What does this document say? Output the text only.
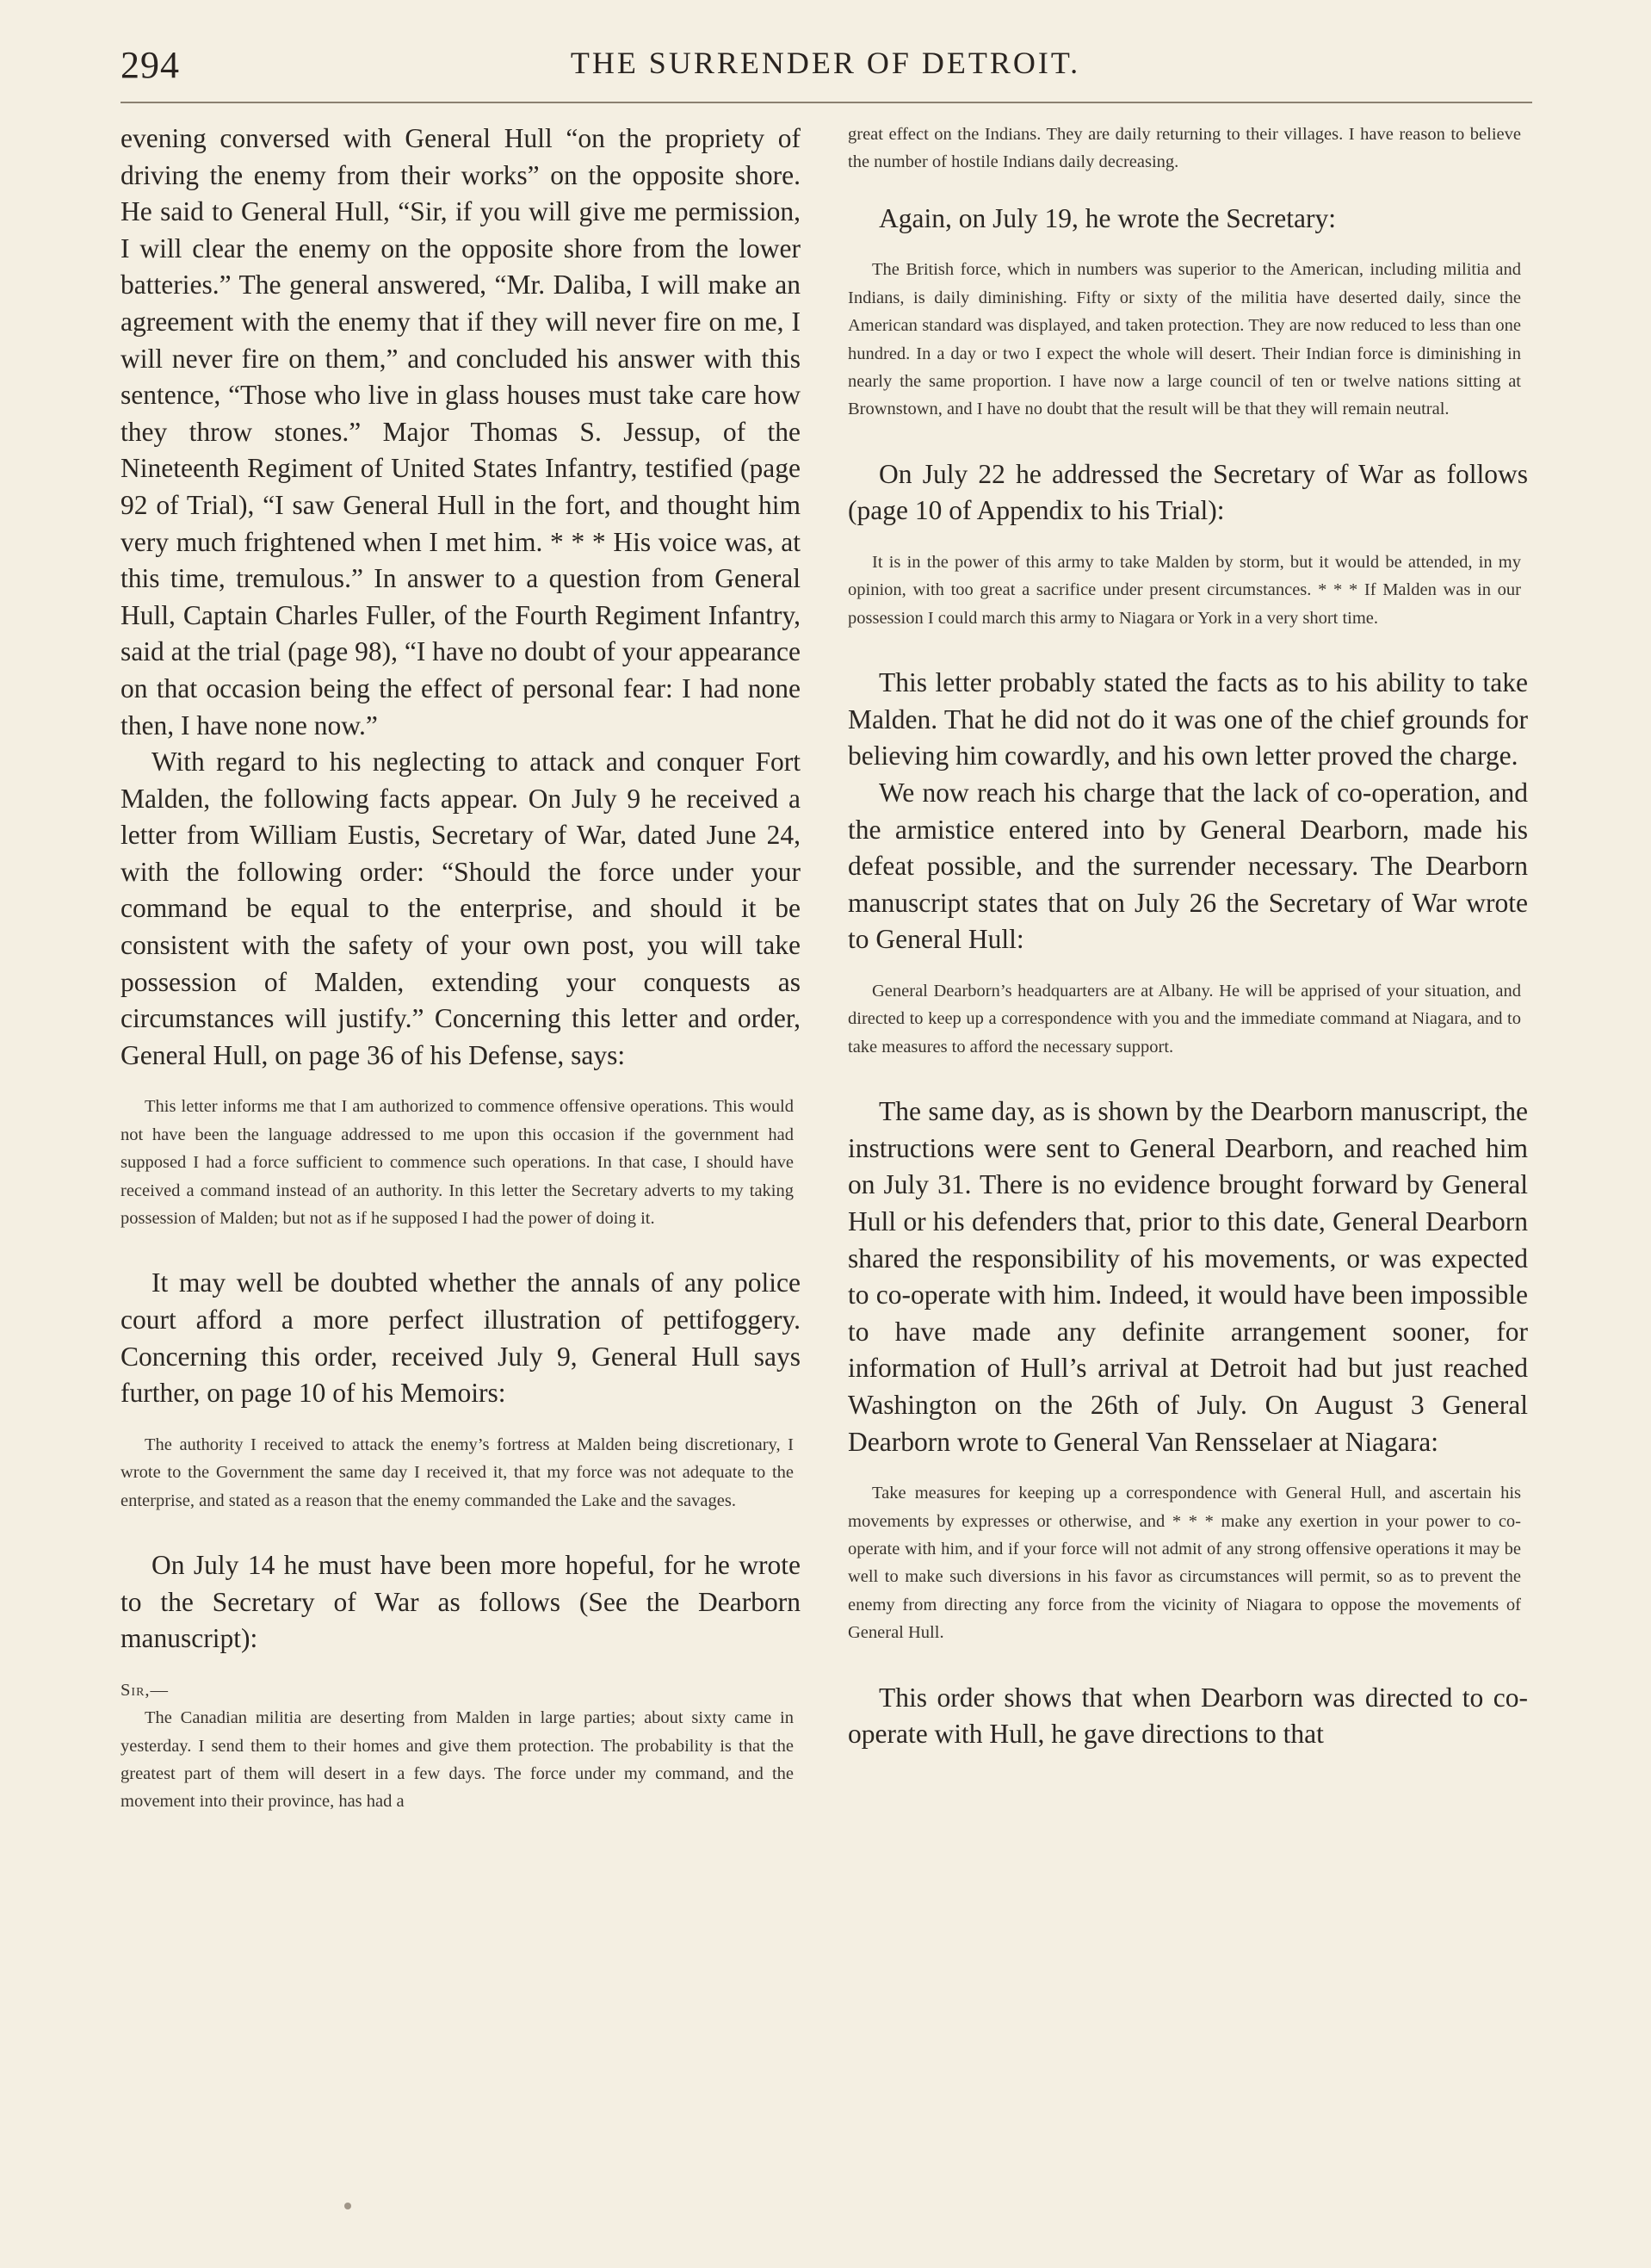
294	THE SURRENDER OF DETROIT.

evening conversed with General Hull “on the propriety of driving the enemy from their works” on the opposite shore. He said to General Hull, “Sir, if you will give me permission, I will clear the enemy on the opposite shore from the lower batteries.” The general answered, “Mr. Daliba, I will make an agreement with the enemy that if they will never fire on me, I will never fire on them,” and concluded his answer with this sentence, “Those who live in glass houses must take care how they throw stones.” Major Thomas S. Jessup, of the Nineteenth Regiment of United States Infantry, testified (page 92 of Trial), “I saw General Hull in the fort, and thought him very much frightened when I met him. * * * His voice was, at this time, tremulous.” In answer to a question from General Hull, Captain Charles Fuller, of the Fourth Regiment Infantry, said at the trial (page 98), “I have no doubt of your appearance on that occasion being the effect of personal fear: I had none then, I have none now.”

With regard to his neglecting to attack and conquer Fort Malden, the following facts appear. On July 9 he received a letter from William Eustis, Secretary of War, dated June 24, with the following order: “Should the force under your command be equal to the enterprise, and should it be consistent with the safety of your own post, you will take possession of Malden, extending your conquests as circumstances will justify.” Concerning this letter and order, General Hull, on page 36 of his Defense, says:

This letter informs me that I am authorized to commence offensive operations. This would not have been the language addressed to me upon this occasion if the government had supposed I had a force sufficient to commence such operations. In that case, I should have received a command instead of an authority. In this letter the Secretary adverts to my taking possession of Malden; but not as if he supposed I had the power of doing it.

It may well be doubted whether the annals of any police court afford a more perfect illustration of pettifoggery. Concerning this order, received July 9, General Hull says further, on page 10 of his Memoirs:

The authority I received to attack the enemy’s fortress at Malden being discretionary, I wrote to the Government the same day I received it, that my force was not adequate to the enterprise, and stated as a reason that the enemy commanded the Lake and the savages.

On July 14 he must have been more hopeful, for he wrote to the Secretary of War as follows (See the Dearborn manuscript):

Sir,—
The Canadian militia are deserting from Malden in large parties; about sixty came in yesterday. I send them to their homes and give them protection. The probability is that the greatest part of them will desert in a few days. The force under my command, and the movement into their province, has had a

great effect on the Indians. They are daily returning to their villages. I have reason to believe the number of hostile Indians daily decreasing.

Again, on July 19, he wrote the Secretary:

The British force, which in numbers was superior to the American, including militia and Indians, is daily diminishing. Fifty or sixty of the militia have deserted daily, since the American standard was displayed, and taken protection. They are now reduced to less than one hundred. In a day or two I expect the whole will desert. Their Indian force is diminishing in nearly the same proportion. I have now a large council of ten or twelve nations sitting at Brownstown, and I have no doubt that the result will be that they will remain neutral.

On July 22 he addressed the Secretary of War as follows (page 10 of Appendix to his Trial):

It is in the power of this army to take Malden by storm, but it would be attended, in my opinion, with too great a sacrifice under present circumstances. * * * If Malden was in our possession I could march this army to Niagara or York in a very short time.

This letter probably stated the facts as to his ability to take Malden. That he did not do it was one of the chief grounds for believing him cowardly, and his own letter proved the charge.

We now reach his charge that the lack of co-operation, and the armistice entered into by General Dearborn, made his defeat possible, and the surrender necessary. The Dearborn manuscript states that on July 26 the Secretary of War wrote to General Hull:

General Dearborn’s headquarters are at Albany. He will be apprised of your situation, and directed to keep up a correspondence with you and the immediate command at Niagara, and to take measures to afford the necessary support.

The same day, as is shown by the Dearborn manuscript, the instructions were sent to General Dearborn, and reached him on July 31. There is no evidence brought forward by General Hull or his defenders that, prior to this date, General Dearborn shared the responsibility of his movements, or was expected to co-operate with him. Indeed, it would have been impossible to have made any definite arrangement sooner, for information of Hull’s arrival at Detroit had but just reached Washington on the 26th of July. On August 3 General Dearborn wrote to General Van Rensselaer at Niagara:

Take measures for keeping up a correspondence with General Hull, and ascertain his movements by expresses or otherwise, and * * * make any exertion in your power to co-operate with him, and if your force will not admit of any strong offensive operations it may be well to make such diversions in his favor as circumstances will permit, so as to prevent the enemy from directing any force from the vicinity of Niagara to oppose the movements of General Hull.

This order shows that when Dearborn was directed to co-operate with Hull, he gave directions to that
